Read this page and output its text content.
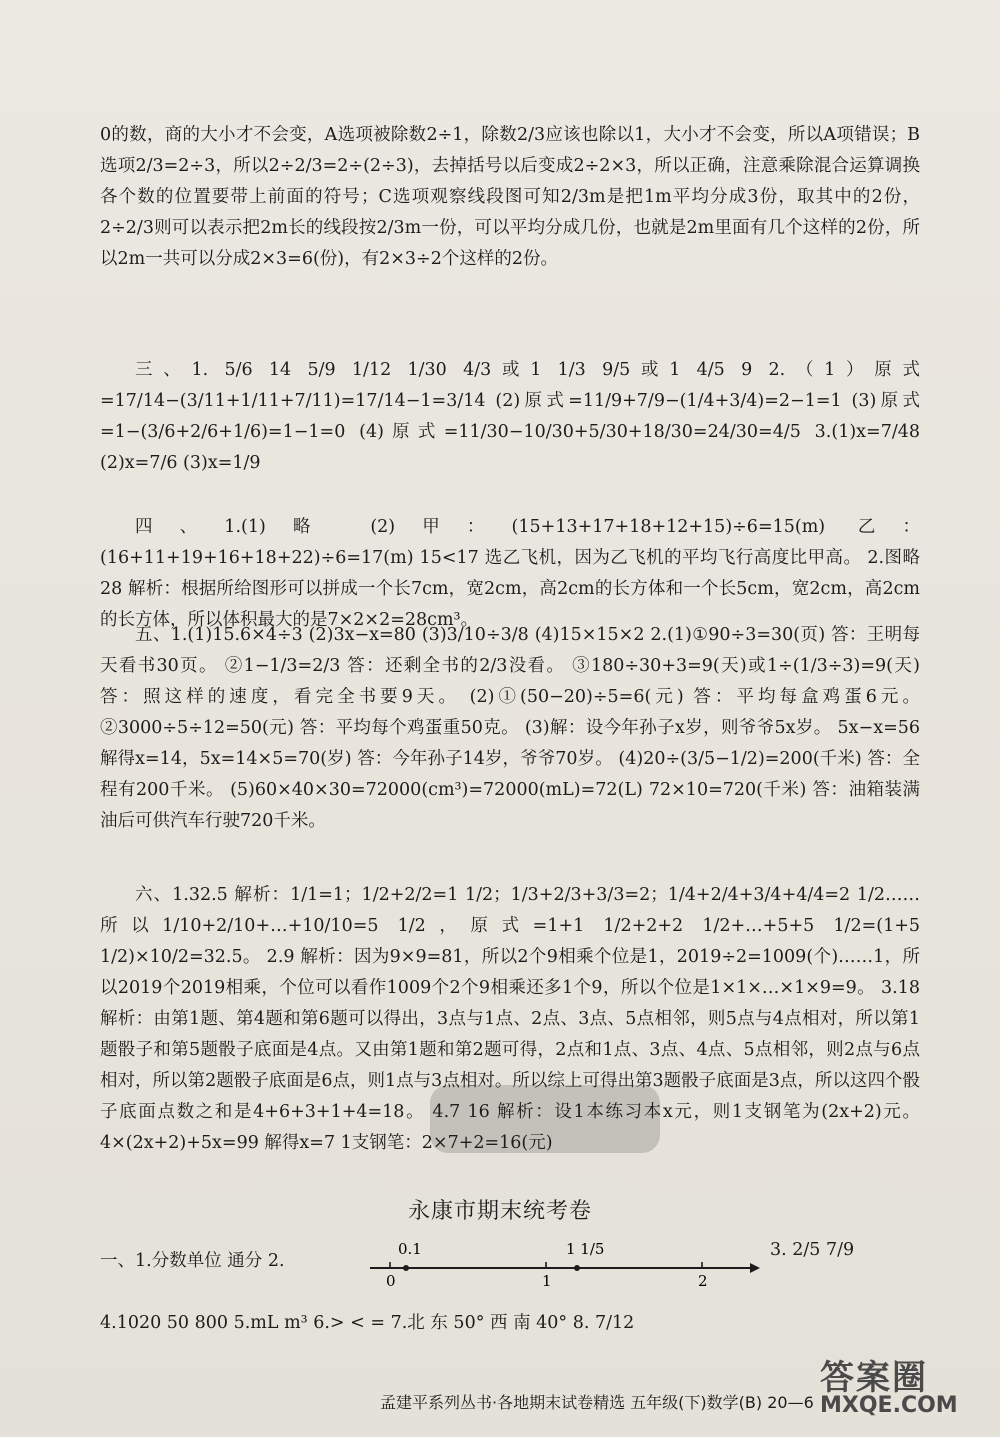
0的数，商的大小才不会变，A选项被除数2÷1，除数2/3应该也除以1，大小才不会变，所以A项错误；B选项2/3=2÷3，所以2÷2/3=2÷(2÷3)，去掉括号以后变成2÷2×3，所以正确，注意乘除混合运算调换各个数的位置要带上前面的符号；C选项观察线段图可知2/3m是把1m平均分成3份，取其中的2份，2÷2/3则可以表示把2m长的线段按2/3m一份，可以平均分成几份，也就是2m里面有几个这样的2份，所以2m一共可以分成2×3=6(份)，有2×3÷2个这样的2份。
三、1. 5/6 14 5/9 1/12 1/30 4/3或1 1/3 9/5或1 4/5 9 2.（1）原式=17/14−(3/11+1/11+7/11)=17/14−1=3/14 (2)原式=11/9+7/9−(1/4+3/4)=2−1=1 (3)原式=1−(3/6+2/6+1/6)=1−1=0 (4)原式=11/30−10/30+5/30+18/30=24/30=4/5 3.(1)x=7/48 (2)x=7/6 (3)x=1/9
四、1.(1)略 (2)甲：(15+13+17+18+12+15)÷6=15(m) 乙：(16+11+19+16+18+22)÷6=17(m) 15<17 选乙飞机，因为乙飞机的平均飞行高度比甲高。 2.图略 28 解析：根据所给图形可以拼成一个长7cm，宽2cm，高2cm的长方体和一个长5cm，宽2cm，高2cm的长方体，所以体积最大的是7×2×2=28cm³。
五、1.(1)15.6×4÷3 (2)3x−x=80 (3)3/10÷3/8 (4)15×15×2 2.(1)①90÷3=30(页) 答：王明每天看书30页。 ②1−1/3=2/3 答：还剩全书的2/3没看。 ③180÷30+3=9(天)或1÷(1/3÷3)=9(天) 答：照这样的速度，看完全书要9天。 (2)①(50−20)÷5=6(元) 答：平均每盒鸡蛋6元。 ②3000÷5÷12=50(元) 答：平均每个鸡蛋重50克。 (3)解：设今年孙子x岁，则爷爷5x岁。 5x−x=56 解得x=14，5x=14×5=70(岁) 答：今年孙子14岁，爷爷70岁。 (4)20÷(3/5−1/2)=200(千米) 答：全程有200千米。 (5)60×40×30=72000(cm³)=72000(mL)=72(L) 72×10=720(千米) 答：油箱装满油后可供汽车行驶720千米。
六、1.32.5 解析：1/1=1；1/2+2/2=1 1/2；1/3+2/3+3/3=2；1/4+2/4+3/4+4/4=2 1/2……所以1/10+2/10+…+10/10=5 1/2，原式=1+1 1/2+2+2 1/2+…+5+5 1/2=(1+5 1/2)×10/2=32.5。 2.9 解析：因为9×9=81，所以2个9相乘个位是1，2019÷2=1009(个)……1，所以2019个2019相乘，个位可以看作1009个2个9相乘还多1个9，所以个位是1×1×…×1×9=9。 3.18 解析：由第1题、第4题和第6题可以得出，3点与1点、2点、3点、5点相邻，则5点与4点相对，所以第1题骰子和第5题骰子底面是4点。又由第1题和第2题可得，2点和1点、3点、4点、5点相邻，则2点与6点相对，所以第2题骰子底面是6点，则1点与3点相对。所以综上可得出第3题骰子底面是3点，所以这四个骰子底面点数之和是4+6+3+1+4=18。 4.7 16 解析：设1本练习本x元，则1支钢笔为(2x+2)元。 4×(2x+2)+5x=99 解得x=7 1支钢笔：2×7+2=16(元)
永康市期末统考卷
一、1.分数单位 通分 2.
0.1	1 1/5
0	1	2
3. 2/5 7/9
4.1020 50 800 5.mL m³ 6.> < = 7.北 东 50° 西 南 40° 8. 7/12
孟建平系列丛书·各地期末试卷精选 五年级(下)数学(B) 20—6
答案圈
MXQE.COM
